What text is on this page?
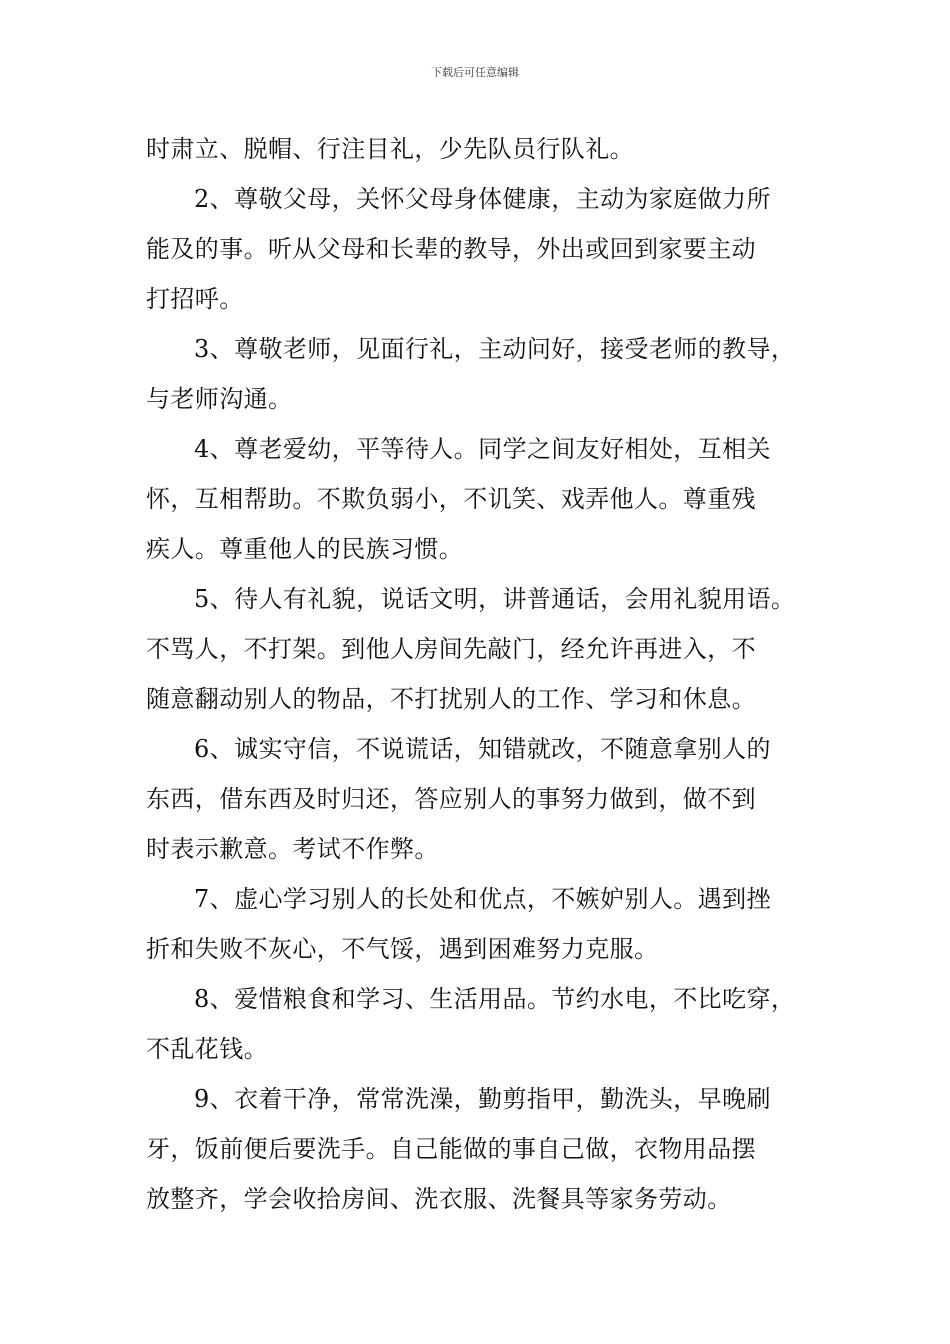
下载后可任意编辑
时肃立、脱帽、行注目礼，少先队员行队礼。
2、尊敬父母，关怀父母身体健康，主动为家庭做力所
能及的事。听从父母和长辈的教导，外出或回到家要主动
打招呼。
3、尊敬老师，见面行礼，主动问好，接受老师的教导，
与老师沟通。
4、尊老爱幼，平等待人。同学之间友好相处，互相关
怀，互相帮助。不欺负弱小，不讥笑、戏弄他人。尊重残
疾人。尊重他人的民族习惯。
5、待人有礼貌，说话文明，讲普通话，会用礼貌用语。
不骂人，不打架。到他人房间先敲门，经允许再进入，不
随意翻动别人的物品，不打扰别人的工作、学习和休息。
6、诚实守信，不说谎话，知错就改，不随意拿别人的
东西，借东西及时归还，答应别人的事努力做到，做不到
时表示歉意。考试不作弊。
7、虚心学习别人的长处和优点，不嫉妒别人。遇到挫
折和失败不灰心，不气馁，遇到困难努力克服。
8、爱惜粮食和学习、生活用品。节约水电，不比吃穿，
不乱花钱。
9、衣着干净，常常洗澡，勤剪指甲，勤洗头，早晚刷
牙，饭前便后要洗手。自己能做的事自己做，衣物用品摆
放整齐，学会收拾房间、洗衣服、洗餐具等家务劳动。
